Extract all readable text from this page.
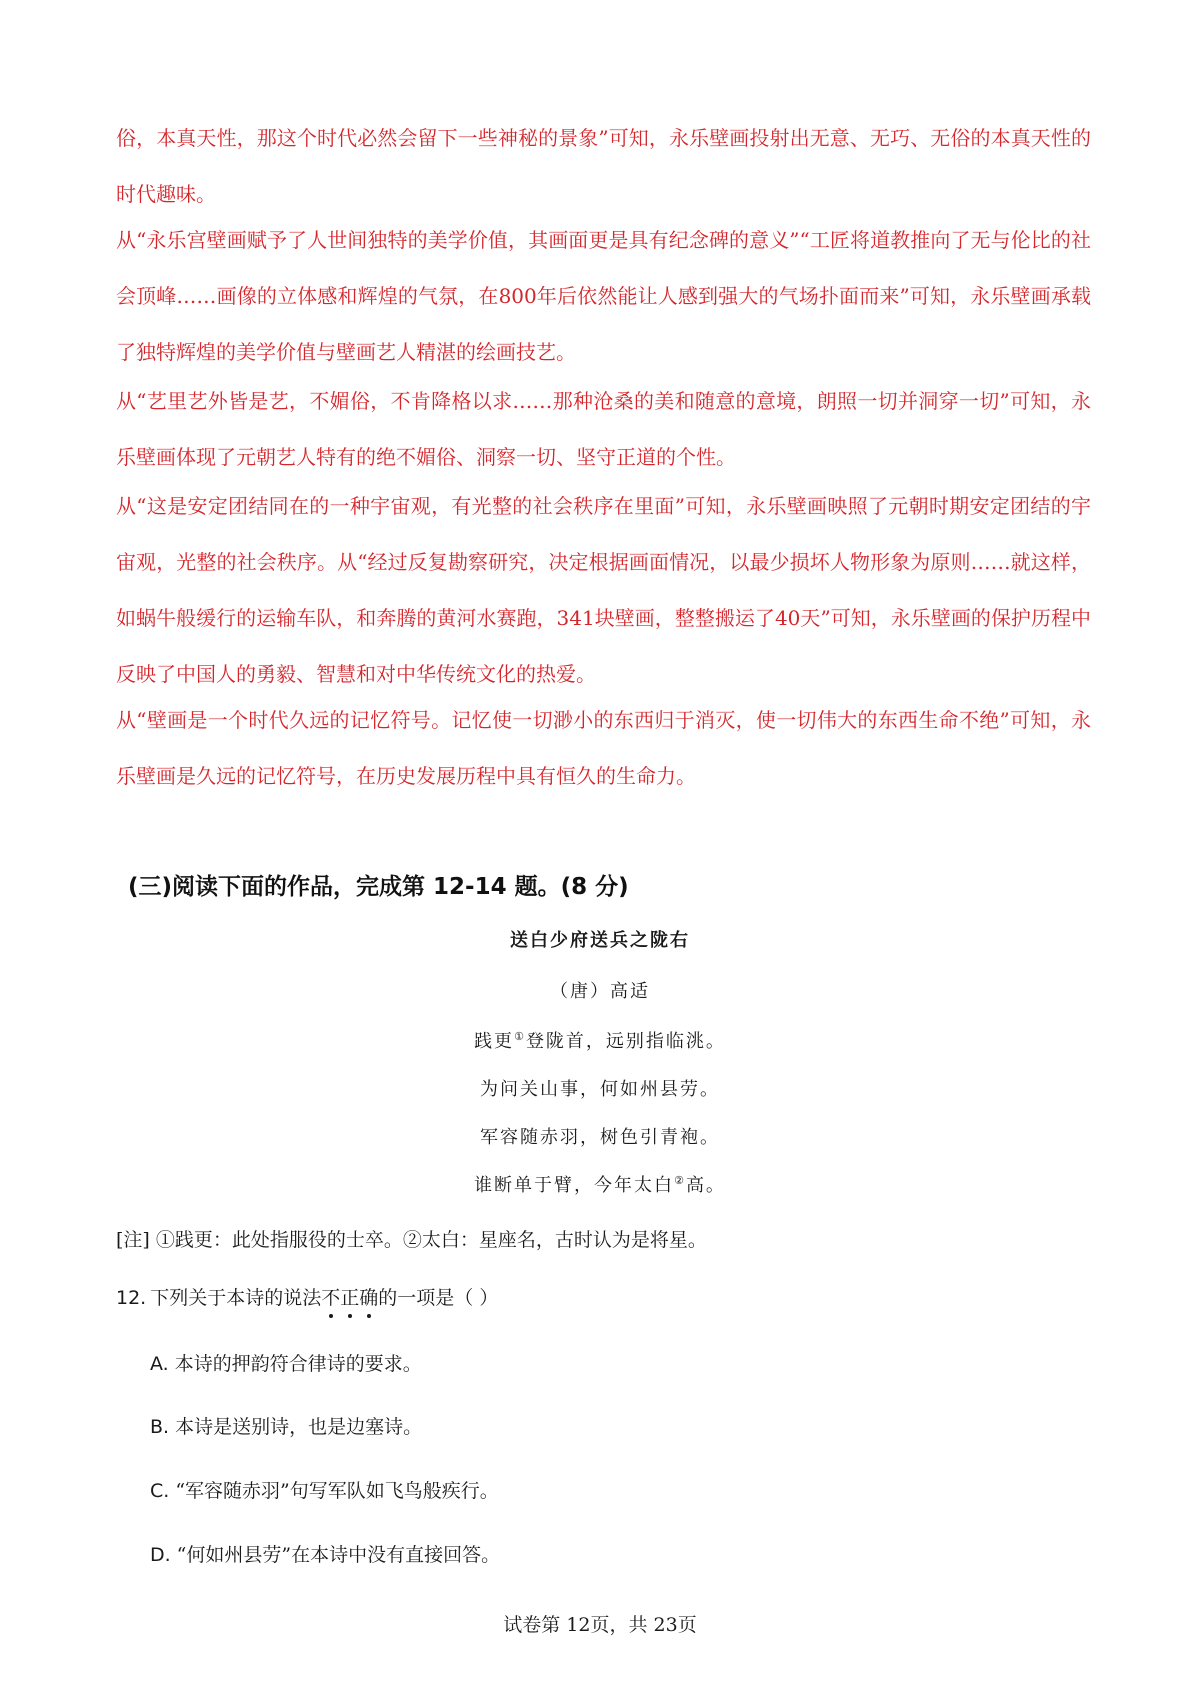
俗，本真天性，那这个时代必然会留下一些神秘的景象”可知，永乐壁画投射出无意、无巧、无俗的本真天性的时代趣味。

从“永乐宫壁画赋予了人世间独特的美学价值，其画面更是具有纪念碑的意义”“工匠将道教推向了无与伦比的社会顶峰……画像的立体感和辉煌的气氛，在800年后依然能让人感到强大的气场扑面而来”可知，永乐壁画承载了独特辉煌的美学价值与壁画艺人精湛的绘画技艺。

从“艺里艺外皆是艺，不媚俗，不肯降格以求……那种沧桑的美和随意的意境，朗照一切并洞穿一切”可知，永乐壁画体现了元朝艺人特有的绝不媚俗、洞察一切、坚守正道的个性。

从“这是安定团结同在的一种宇宙观，有光整的社会秩序在里面”可知，永乐壁画映照了元朝时期安定团结的宇宙观，光整的社会秩序。从“经过反复勘察研究，决定根据画面情况，以最少损坏人物形象为原则……就这样，如蜗牛般缓行的运输车队，和奔腾的黄河水赛跑，341块壁画，整整搬运了40天”可知，永乐壁画的保护历程中反映了中国人的勇毅、智慧和对中华传统文化的热爱。

从“壁画是一个时代久远的记忆符号。记忆使一切渺小的东西归于消灭，使一切伟大的东西生命不绝”可知，永乐壁画是久远的记忆符号，在历史发展历程中具有恒久的生命力。

(三)阅读下面的作品，完成第 12-14 题。(8 分)

送白少府送兵之陇右

（唐）高适

践更①登陇首，远别指临洮。

为问关山事，何如州县劳。

军容随赤羽，树色引青袍。

谁断单于臂，今年太白②高。

[注] ①践更：此处指服役的士卒。②太白：星座名，古时认为是将星。

12. 下列关于本诗的说法不正确的一项是（ ）

A. 本诗的押韵符合律诗的要求。

B. 本诗是送别诗，也是边塞诗。

C. “军容随赤羽”句写军队如飞鸟般疾行。

D. “何如州县劳”在本诗中没有直接回答。

试卷第 12页，共 23页
